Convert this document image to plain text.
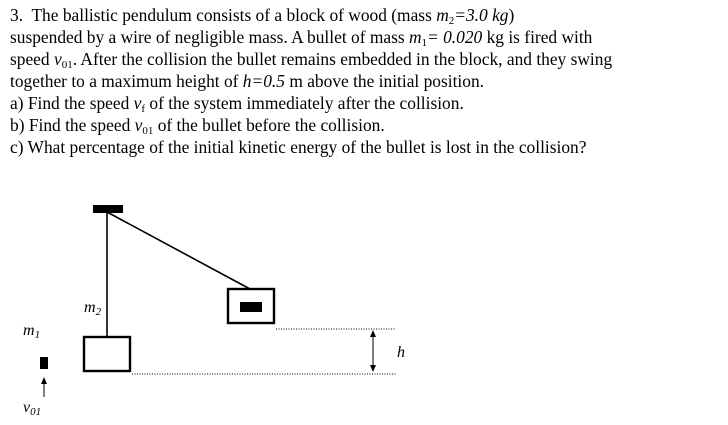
3. The ballistic pendulum consists of a block of wood (mass $m_2=3.0$ kg)
suspended by a wire of negligible mass. A bullet of mass $m_1= 0.020$ kg is fired with
speed $v_{01}$. After the collision the bullet remains embedded in the block, and they swing
together to a maximum height of h=0.5 m above the initial position.
a) Find the speed $v_f$ of the system immediately after the collision.
b) Find the speed $v_{01}$ of the bullet before the collision.
c) What percentage of the initial kinetic energy of the bullet is lost in the collision?
m2
m1
h
v01
